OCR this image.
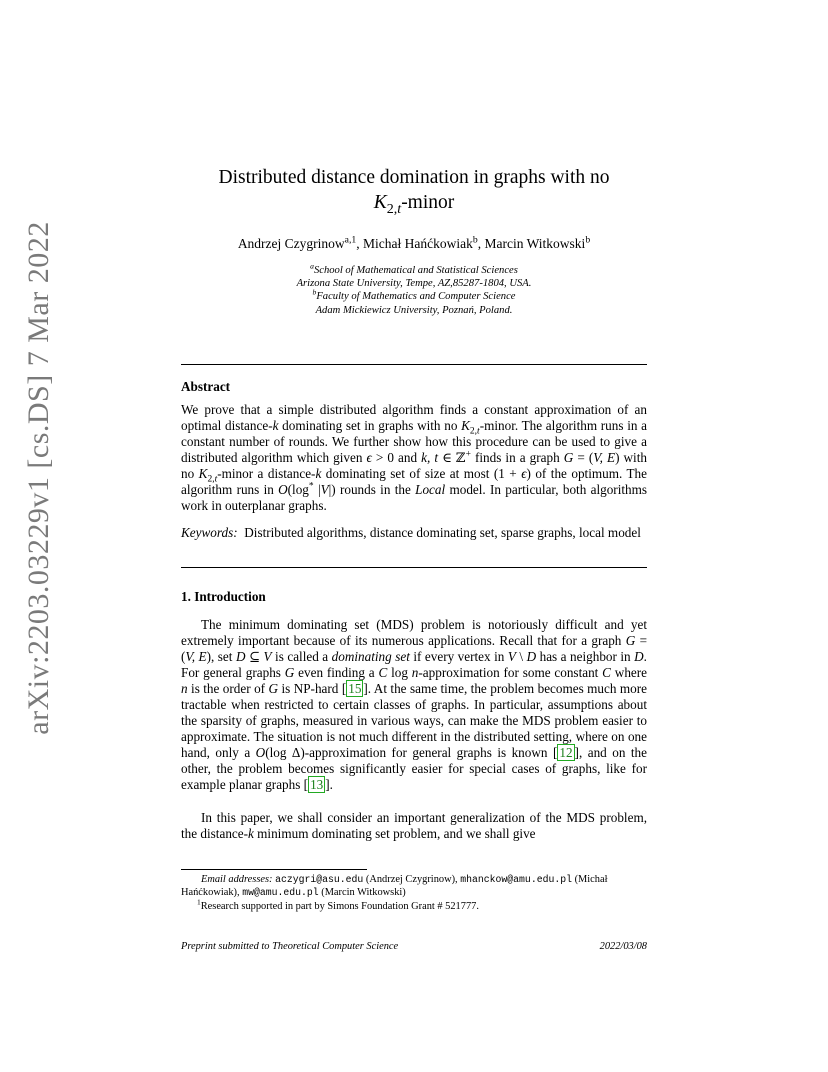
arXiv:2203.03229v1 [cs.DS] 7 Mar 2022
Distributed distance domination in graphs with no
$K_{2,t}$-minor
Andrzej Czygrinow$^{a,1}$, Michał Hańćkowiak$^b$, Marcin Witkowski$^b$
$^a$School of Mathematical and Statistical Sciences
Arizona State University, Tempe, AZ,85287-1804, USA.
$^b$Faculty of Mathematics and Computer Science
Adam Mickiewicz University, Poznań, Poland.
Abstract
We prove that a simple distributed algorithm finds a constant approximation of an optimal distance-k dominating set in graphs with no $K_{2,t}$-minor. The algorithm runs in a constant number of rounds. We further show how this procedure can be used to give a distributed algorithm which given ϵ > 0 and k, t ∈ ℤ+ finds in a graph G = (V, E) with no $K_{2,t}$-minor a distance-k dominating set of size at most (1 + ϵ) of the optimum. The algorithm runs in O(log* |V|) rounds in the Local model. In particular, both algorithms work in outerplanar graphs.
Keywords: Distributed algorithms, distance dominating set, sparse graphs, local model
1. Introduction
The minimum dominating set (MDS) problem is notoriously difficult and yet extremely important because of its numerous applications. Recall that for a graph G = (V, E), set D ⊆ V is called a dominating set if every vertex in V \ D has a neighbor in D. For general graphs G even finding a C log n-approximation for some constant C where n is the order of G is NP-hard [ 15 ]. At the same time, the problem becomes much more tractable when restricted to certain classes of graphs. In particular, assumptions about the sparsity of graphs, measured in various ways, can make the MDS problem easier to approximate. The situation is not much different in the distributed setting, where on one hand, only a O(log Δ)-approximation for general graphs is known [ 12 ], and on the other, the problem becomes significantly easier for special cases of graphs, like for example planar graphs [ 13 ].
In this paper, we shall consider an important generalization of the MDS problem, the distance-k minimum dominating set problem, and we shall give
Email addresses: aczygri@asu.edu (Andrzej Czygrinow), mhanckow@amu.edu.pl (Michał Hańćkowiak), mw@amu.edu.pl (Marcin Witkowski)
$^1$Research supported in part by Simons Foundation Grant # 521777.
Preprint submitted to Theoretical Computer Science	2022/03/08
